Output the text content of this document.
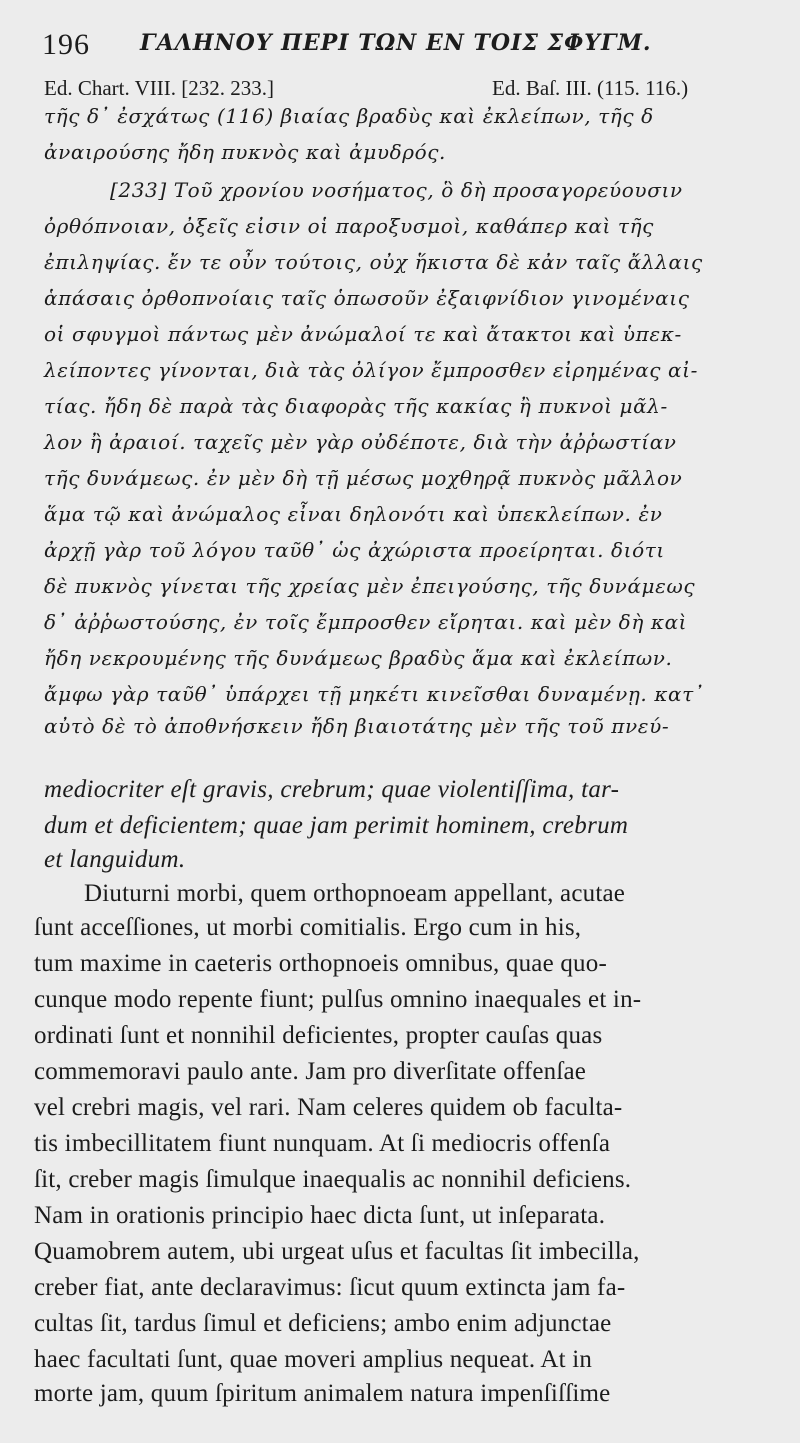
196 ΓΑΛΗΝΟΥ ΠΕΡΙ ΤΩΝ ΕΝ ΤΟΙΣ ΣΦΥΓΜ.
Ed. Chart. VIII. [232. 233.]	Ed. Baſ. III. (115. 116.)
τῆς δ᾽ ἐσχάτως (116) βιαίας βραδὺς καὶ ἐκλείπων, τῆς δ
ἀναιρούσης ἤδη πυκνὸς καὶ ἀμυδρός.
[233] Τοῦ χρονίου νοσήματος, ὃ δὴ προσαγορεύουσιν
ὀρθόπνοιαν, ὀξεῖς εἰσιν οἱ παροξυσμοὶ, καθάπερ καὶ τῆς
ἐπιληψίας. ἔν τε οὖν τούτοις, οὐχ ἥκιστα δὲ κἀν ταῖς ἄλλαις
ἁπάσαις ὀρθοπνοίαις ταῖς ὁπωσοῦν ἐξαιφνίδιον γινομέναις
οἱ σφυγμοὶ πάντως μὲν ἀνώμαλοί τε καὶ ἄτακτοι καὶ ὑπεκ-
λείποντες γίνονται, διὰ τὰς ὀλίγον ἔμπροσθεν εἰρημένας αἰ-
τίας. ἤδη δὲ παρὰ τὰς διαφορὰς τῆς κακίας ἢ πυκνοὶ μᾶλ-
λον ἢ ἀραιοί. ταχεῖς μὲν γὰρ οὐδέποτε, διὰ τὴν ἀῤῥωστίαν
τῆς δυνάμεως. ἐν μὲν δὴ τῇ μέσως μοχθηρᾷ πυκνὸς μᾶλλον
ἅμα τῷ καὶ ἀνώμαλος εἶναι δηλονότι καὶ ὑπεκλείπων. ἐν
ἀρχῇ γὰρ τοῦ λόγου ταῦθ᾽ ὡς ἀχώριστα προείρηται. διότι
δὲ πυκνὸς γίνεται τῆς χρείας μὲν ἐπειγούσης, τῆς δυνάμεως
δ᾽ ἀῤῥωστούσης, ἐν τοῖς ἔμπροσθεν εἴρηται. καὶ μὲν δὴ καὶ
ἤδη νεκρουμένης τῆς δυνάμεως βραδὺς ἅμα καὶ ἐκλείπων.
ἄμφω γὰρ ταῦθ᾽ ὑπάρχει τῇ μηκέτι κινεῖσθαι δυναμένῃ. κατ᾽
αὐτὸ δὲ τὸ ἀποθνήσκειν ἤδη βιαιοτάτης μὲν τῆς τοῦ πνεύ-
mediocriter eſt gravis, crebrum; quae violentiſſima, tar-
dum et deficientem; quae jam perimit hominem, crebrum
et languidum.
Diuturni morbi, quem orthopnoeam appellant, acutae
ſunt acceſſiones, ut morbi comitialis. Ergo cum in his,
tum maxime in caeteris orthopnoeis omnibus, quae quo-
cunque modo repente fiunt; pulſus omnino inaequales et in-
ordinati ſunt et nonnihil deficientes, propter cauſas quas
commemoravi paulo ante. Jam pro diverſitate offenſae
vel crebri magis, vel rari. Nam celeres quidem ob faculta-
tis imbecillitatem fiunt nunquam. At ſi mediocris offenſa
ſit, creber magis ſimulque inaequalis ac nonnihil deficiens.
Nam in orationis principio haec dicta ſunt, ut inſeparata.
Quamobrem autem, ubi urgeat uſus et facultas ſit imbecilla,
creber fiat, ante declaravimus: ſicut quum extincta jam fa-
cultas ſit, tardus ſimul et deficiens; ambo enim adjunctae
haec facultati ſunt, quae moveri amplius nequeat. At in
morte jam, quum ſpiritum animalem natura impenſiſſime
